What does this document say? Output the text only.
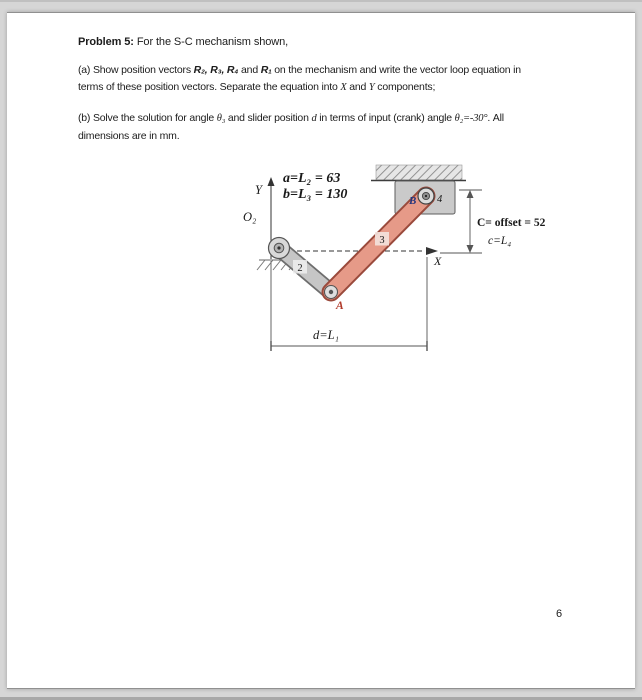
Problem 5: For the S-C mechanism shown,

(a) Show position vectors R₂, R₃, R₄ and R₁ on the mechanism and write the vector loop equation in
terms of these position vectors. Separate the equation into X and Y components;
(b) Solve the solution for angle θ₃ and slider position d in terms of input (crank) angle θ₂=-30°. All
dimensions are in mm.
a=L₂ = 63
b=L₃ = 130
Y
O₂
2
3
A
B 4
X
C= offset = 52
c=L₄
d=L₁
6
